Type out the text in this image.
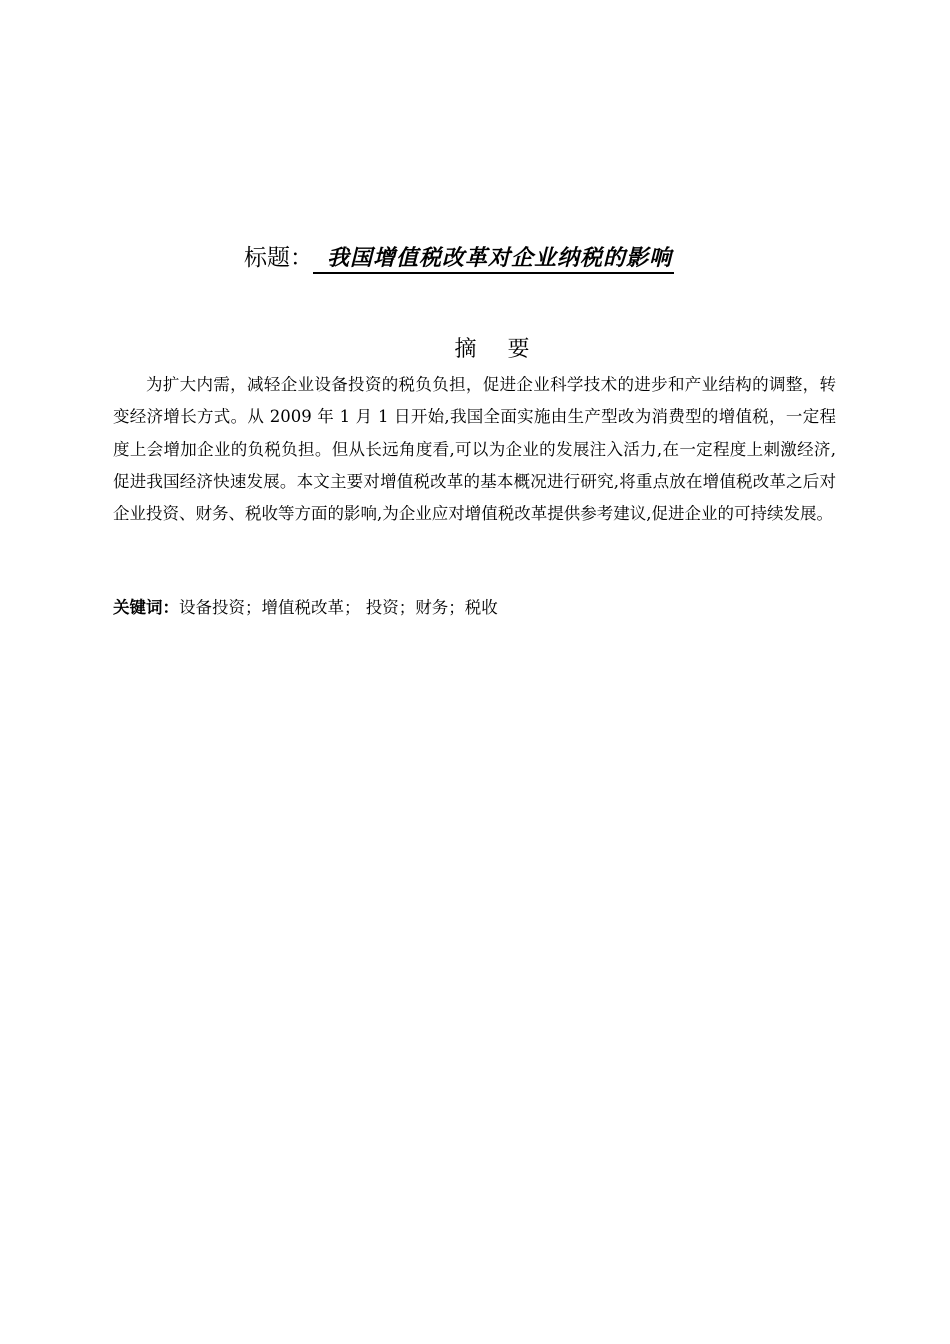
标题： 我国增值税改革对企业纳税的影响
摘 要
为扩大内需，减轻企业设备投资的税负负担，促进企业科学技术的进步和产业结构的调整，转变经济增长方式。从 2009 年 1 月 1 日开始,我国全面实施由生产型改为消费型的增值税，一定程度上会增加企业的负税负担。但从长远角度看,可以为企业的发展注入活力,在一定程度上刺激经济,促进我国经济快速发展。本文主要对增值税改革的基本概况进行研究,将重点放在增值税改革之后对企业投资、财务、税收等方面的影响,为企业应对增值税改革提供参考建议,促进企业的可持续发展。
关键词：设备投资；增值税改革； 投资；财务；税收
